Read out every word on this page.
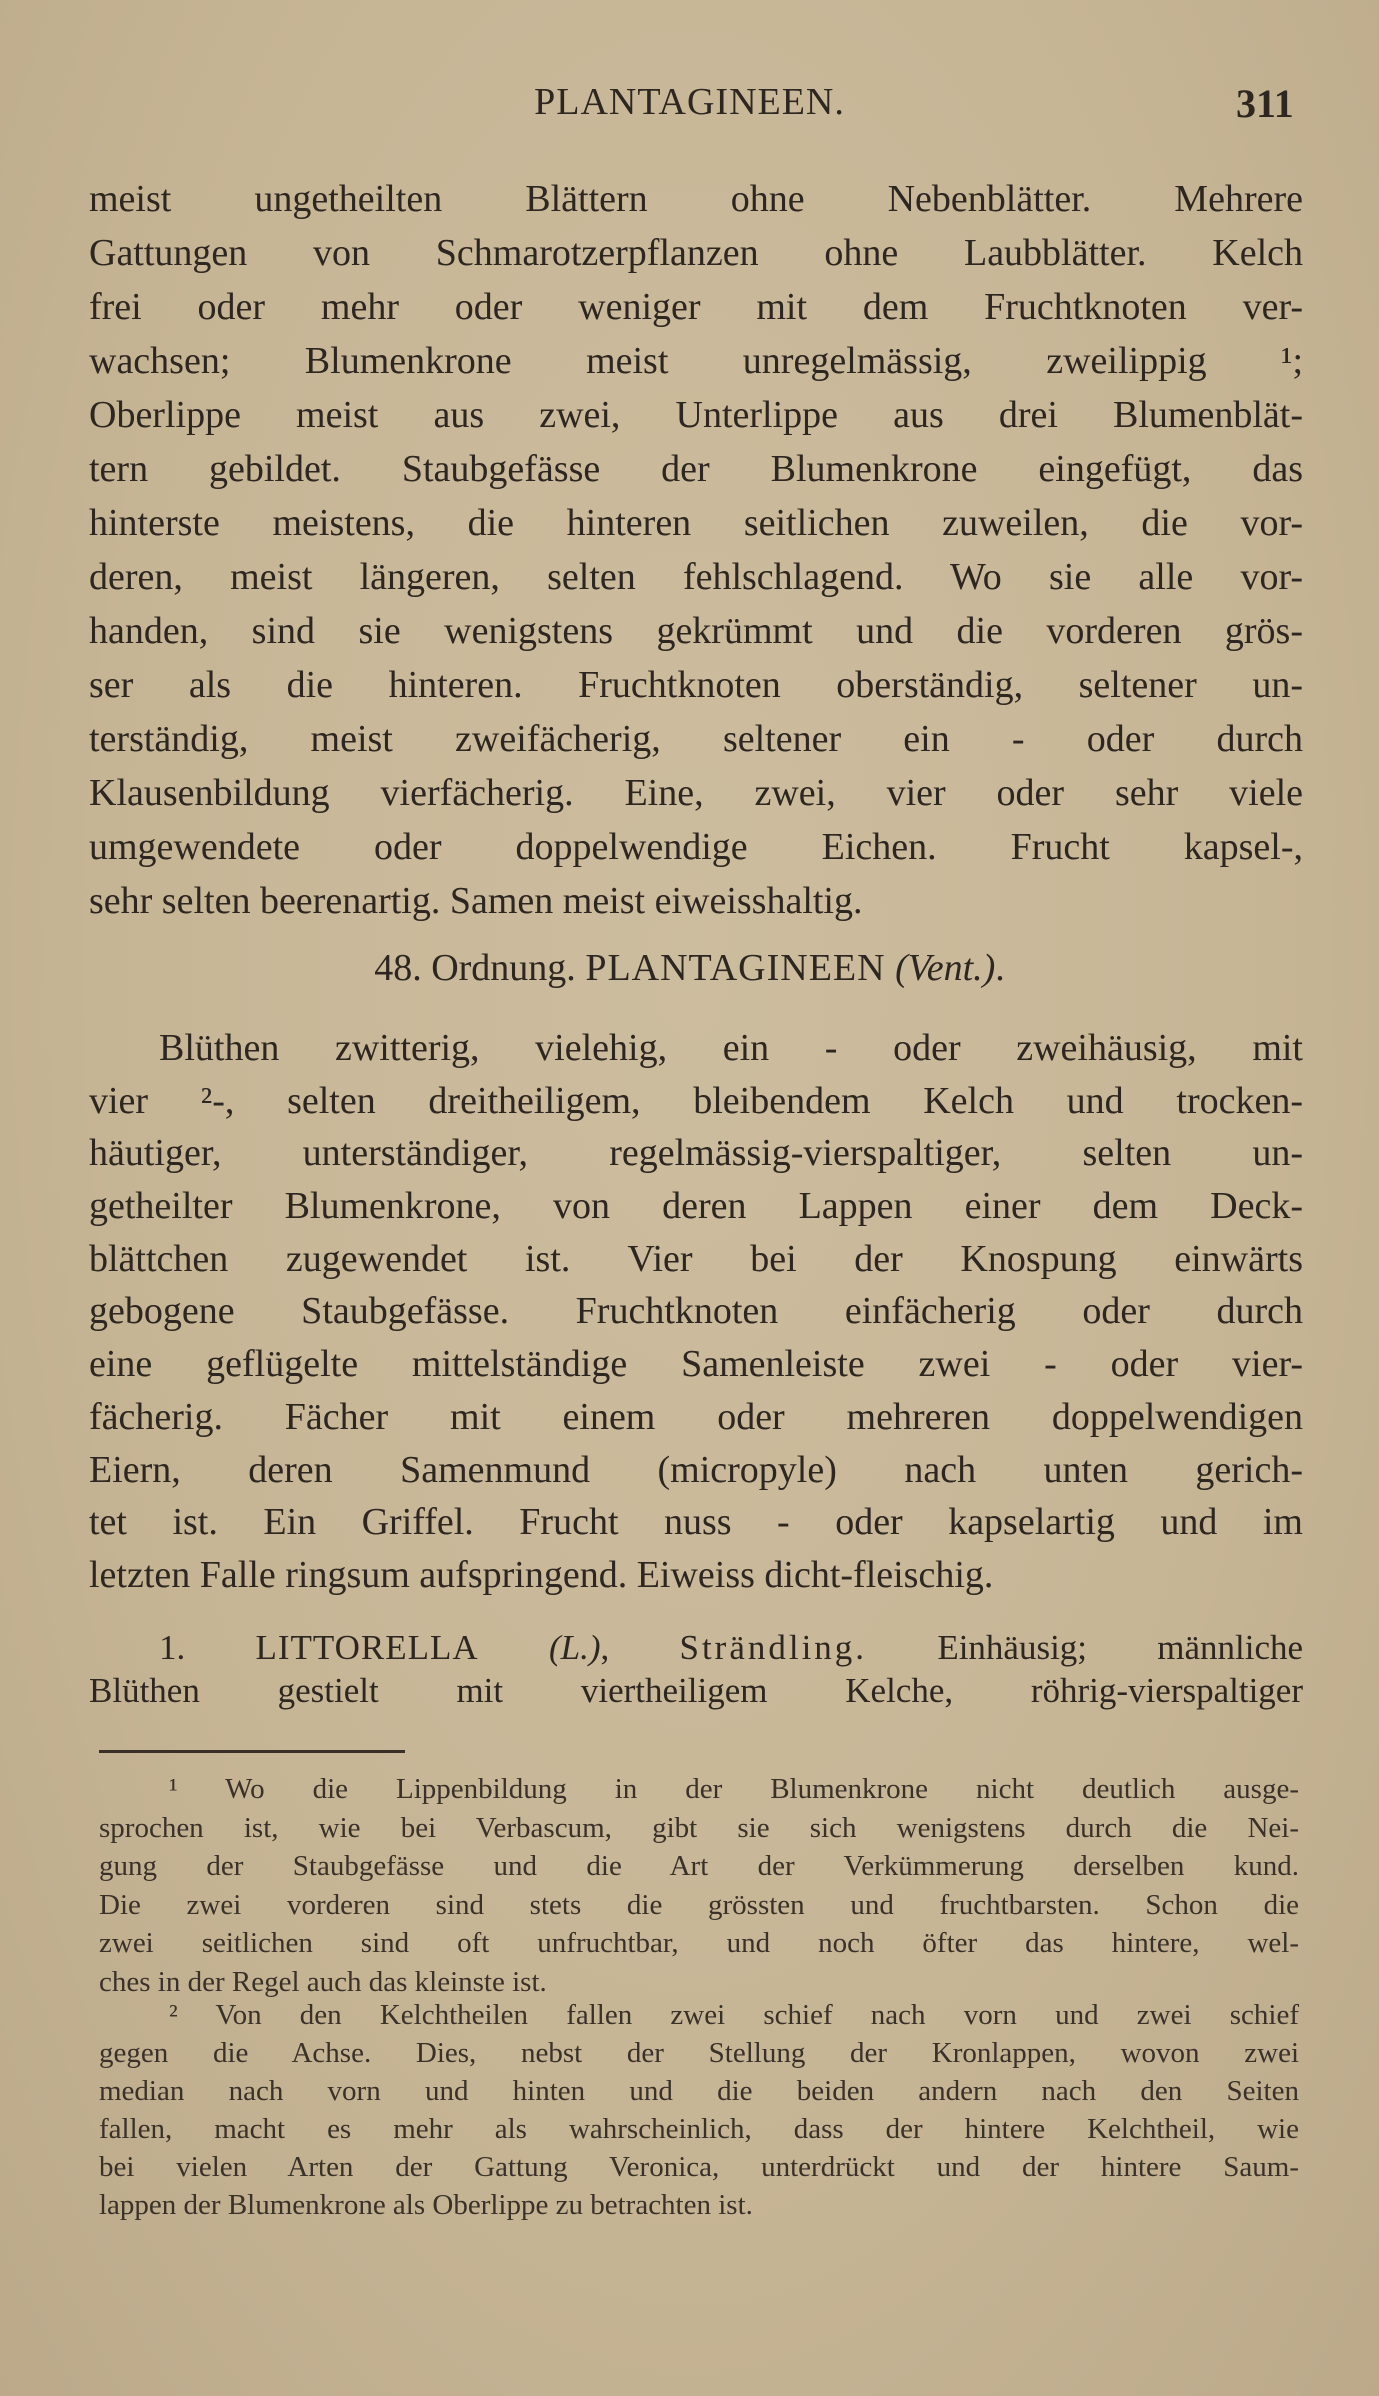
PLANTAGINEEN.	311
meist ungetheilten Blättern ohne Nebenblätter. Mehrere
Gattungen von Schmarotzerpflanzen ohne Laubblätter. Kelch
frei oder mehr oder weniger mit dem Fruchtknoten ver-
wachsen; Blumenkrone meist unregelmässig, zweilippig ¹;
Oberlippe meist aus zwei, Unterlippe aus drei Blumenblät-
tern gebildet. Staubgefässe der Blumenkrone eingefügt, das
hinterste meistens, die hinteren seitlichen zuweilen, die vor-
deren, meist längeren, selten fehlschlagend. Wo sie alle vor-
handen, sind sie wenigstens gekrümmt und die vorderen grös-
ser als die hinteren. Fruchtknoten oberständig, seltener un-
terständig, meist zweifächerig, seltener ein - oder durch
Klausenbildung vierfächerig. Eine, zwei, vier oder sehr viele
umgewendete oder doppelwendige Eichen. Frucht kapsel-,
sehr selten beerenartig. Samen meist eiweisshaltig.
48. Ordnung. PLANTAGINEEN (Vent.).
Blüthen zwitterig, vielehig, ein - oder zweihäusig, mit
vier ²-, selten dreitheiligem, bleibendem Kelch und trocken-
häutiger, unterständiger, regelmässig-vierspaltiger, selten un-
getheilter Blumenkrone, von deren Lappen einer dem Deck-
blättchen zugewendet ist. Vier bei der Knospung einwärts
gebogene Staubgefässe. Fruchtknoten einfächerig oder durch
eine geflügelte mittelständige Samenleiste zwei - oder vier-
fächerig. Fächer mit einem oder mehreren doppelwendigen
Eiern, deren Samenmund (micropyle) nach unten gerich-
tet ist. Ein Griffel. Frucht nuss - oder kapselartig und im
letzten Falle ringsum aufspringend. Eiweiss dicht-fleischig.
1. LITTORELLA (L.), Strändling. Einhäusig; männliche
Blüthen gestielt mit viertheiligem Kelche, röhrig-vierspaltiger
¹ Wo die Lippenbildung in der Blumenkrone nicht deutlich ausge-
sprochen ist, wie bei Verbascum, gibt sie sich wenigstens durch die Nei-
gung der Staubgefässe und die Art der Verkümmerung derselben kund.
Die zwei vorderen sind stets die grössten und fruchtbarsten. Schon die
zwei seitlichen sind oft unfruchtbar, und noch öfter das hintere, wel-
ches in der Regel auch das kleinste ist.
² Von den Kelchtheilen fallen zwei schief nach vorn und zwei schief
gegen die Achse. Dies, nebst der Stellung der Kronlappen, wovon zwei
median nach vorn und hinten und die beiden andern nach den Seiten
fallen, macht es mehr als wahrscheinlich, dass der hintere Kelchtheil, wie
bei vielen Arten der Gattung Veronica, unterdrückt und der hintere Saum-
lappen der Blumenkrone als Oberlippe zu betrachten ist.
